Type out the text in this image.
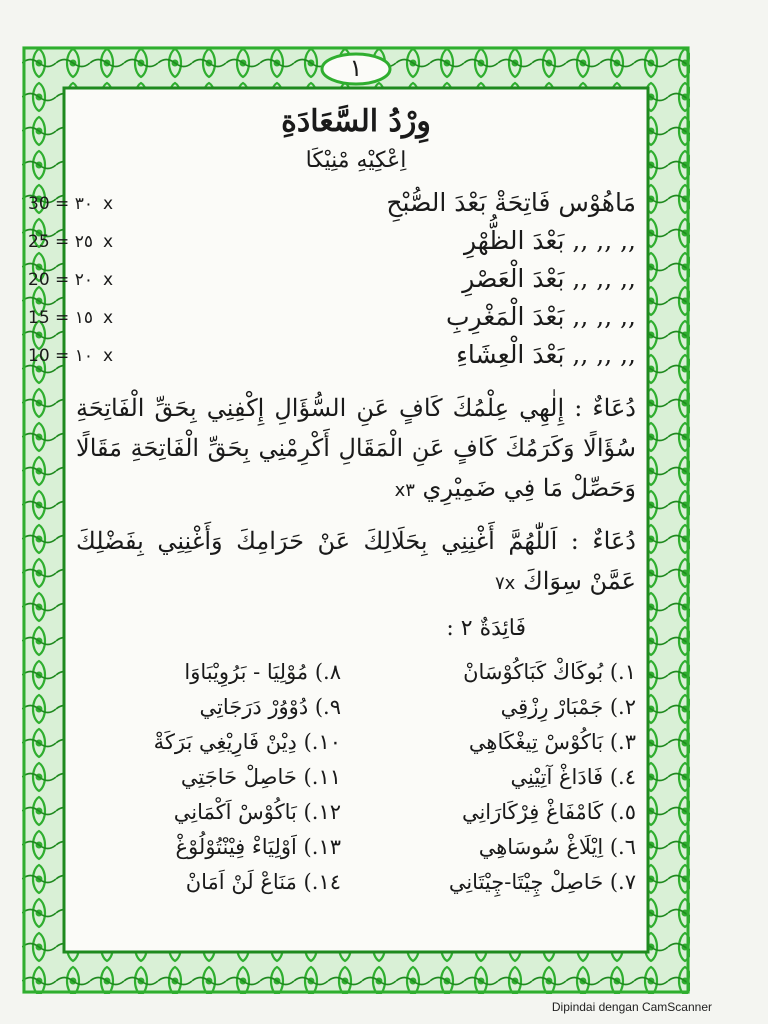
١
وِرْدُ السَّعَادَةِ
اِعْكِيْهِ مْنِيْكَا
مَاهُوْس فَاتِحَةْ بَعْدَ الصُّبْحِ
30 = ٣٠ x
,, ,, ,, بَعْدَ الظُّهْرِ
25 = ٢٥ x
,, ,, ,, بَعْدَ الْعَصْرِ
20 = ٢٠ x
,, ,, ,, بَعْدَ الْمَغْرِبِ
15 = ١٥ x
,, ,, ,, بَعْدَ الْعِشَاءِ
10 = ١٠ x
دُعَاءٌ : إِلٰهِي عِلْمُكَ كَافٍ عَنِ السُّؤَالِ إِكْفِنِي بِحَقِّ الْفَاتِحَةِ سُؤَالًا وَكَرَمُكَ كَافٍ عَنِ الْمَقَالِ أَكْرِمْنِي بِحَقِّ الْفَاتِحَةِ مَقَالًا وَحَصِّلْ مَا فِي ضَمِيْرِي x٣
دُعَاءٌ : اَللّٰهُمَّ أَغْنِنِي بِحَلَالِكَ عَنْ حَرَامِكَ وَأَغْنِنِي بِفَضْلِكَ عَمَّنْ سِوَاكَ ٧x
فَائِدَةٌ ٢ :
١.) بُوكَاكْ كَبَاكُوْسَانْ
٢.) جَمْبَارْ رِزْقِي
٣.) بَاكُوْسْ تِيغْكَاهِي
٤.) فَادَاغْ آتِيْنِي
٥.) كَامْفَاغْ فِرْكَارَانِي
٦.) اِيْلَاغْ سُوسَاهِي
٧.) حَاصِلْ چِيْتَا-چِيْتَانِي
٨.) مُوْلِيَا - بَرُوِيْبَاوَا
٩.) دُوْوُرْ دَرَجَاتِي
١٠.) دِيْنْ فَارِيْغِي بَرَكَةْ
١١.) حَاصِلْ حَاجَتِي
١٢.) بَاكُوْسْ اَكْمَانِي
١٣.) اَوْلِيَاءْ فِيْنْتُوْلُوْغْ
١٤.) مَنَاعْ لَنْ اَمَانْ
Dipindai dengan CamScanner
